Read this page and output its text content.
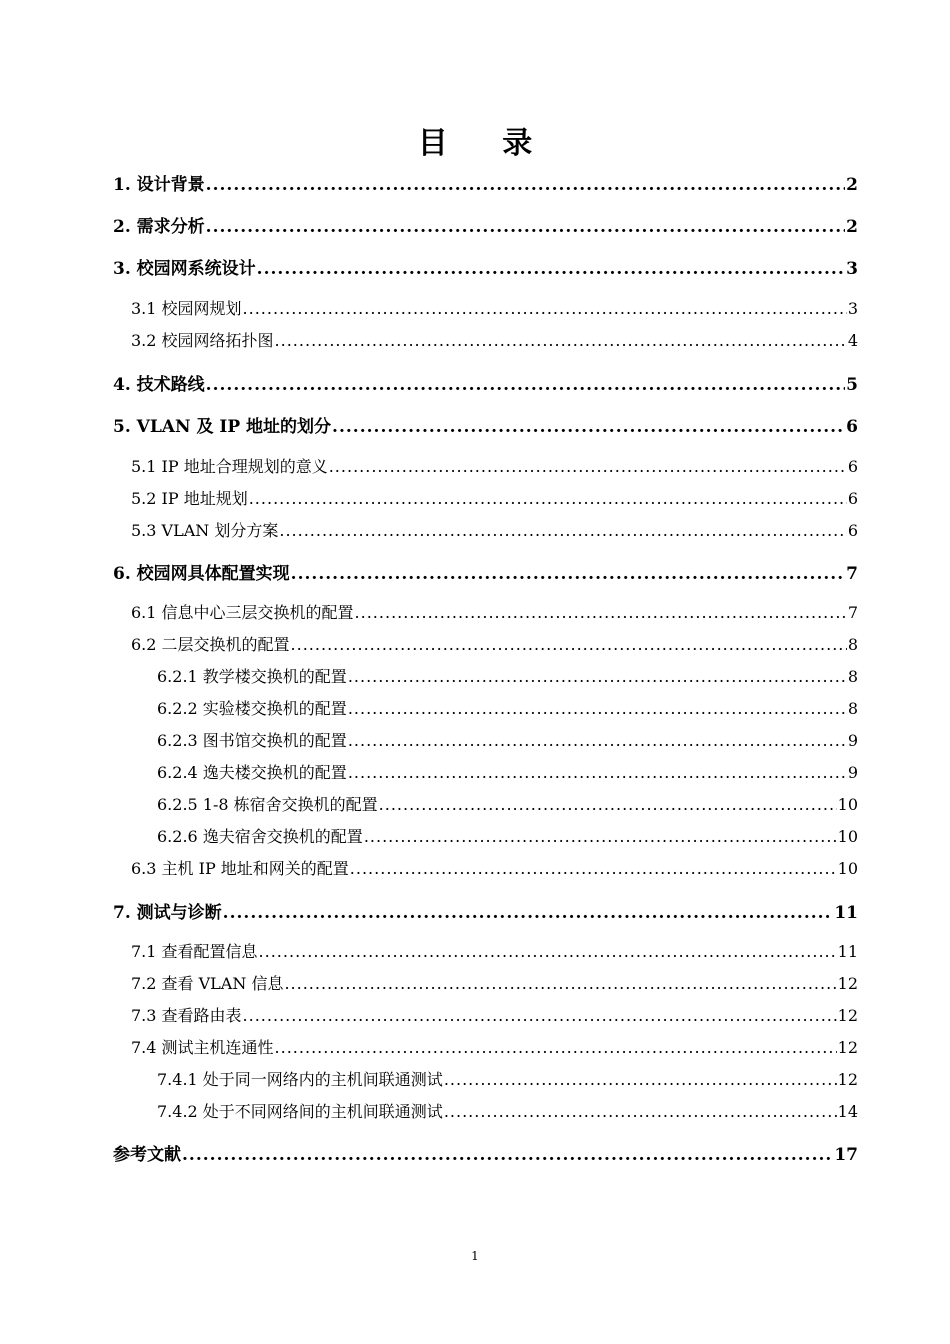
目 录
1. 设计背景 .....	2
2. 需求分析 .....	2
3. 校园网系统设计 .....	3
3.1 校园网规划 .....	3
3.2 校园网络拓扑图 .....	4
4. 技术路线 .....	5
5. VLAN 及 IP 地址的划分 .....	6
5.1 IP 地址合理规划的意义 .....	6
5.2 IP 地址规划 .....	6
5.3 VLAN 划分方案 .....	6
6. 校园网具体配置实现 .....	7
6.1 信息中心三层交换机的配置 .....	7
6.2 二层交换机的配置 .....	8
6.2.1 教学楼交换机的配置 .....	8
6.2.2 实验楼交换机的配置 .....	8
6.2.3 图书馆交换机的配置 .....	9
6.2.4 逸夫楼交换机的配置 .....	9
6.2.5 1-8 栋宿舍交换机的配置 .....	10
6.2.6 逸夫宿舍交换机的配置 .....	10
6.3 主机 IP 地址和网关的配置 .....	10
7. 测试与诊断 .....	11
7.1 查看配置信息 .....	11
7.2 查看 VLAN 信息 .....	12
7.3 查看路由表 .....	12
7.4 测试主机连通性 .....	12
7.4.1 处于同一网络内的主机间联通测试 .....	12
7.4.2 处于不同网络间的主机间联通测试 .....	14
参考文献 .....	17
1
